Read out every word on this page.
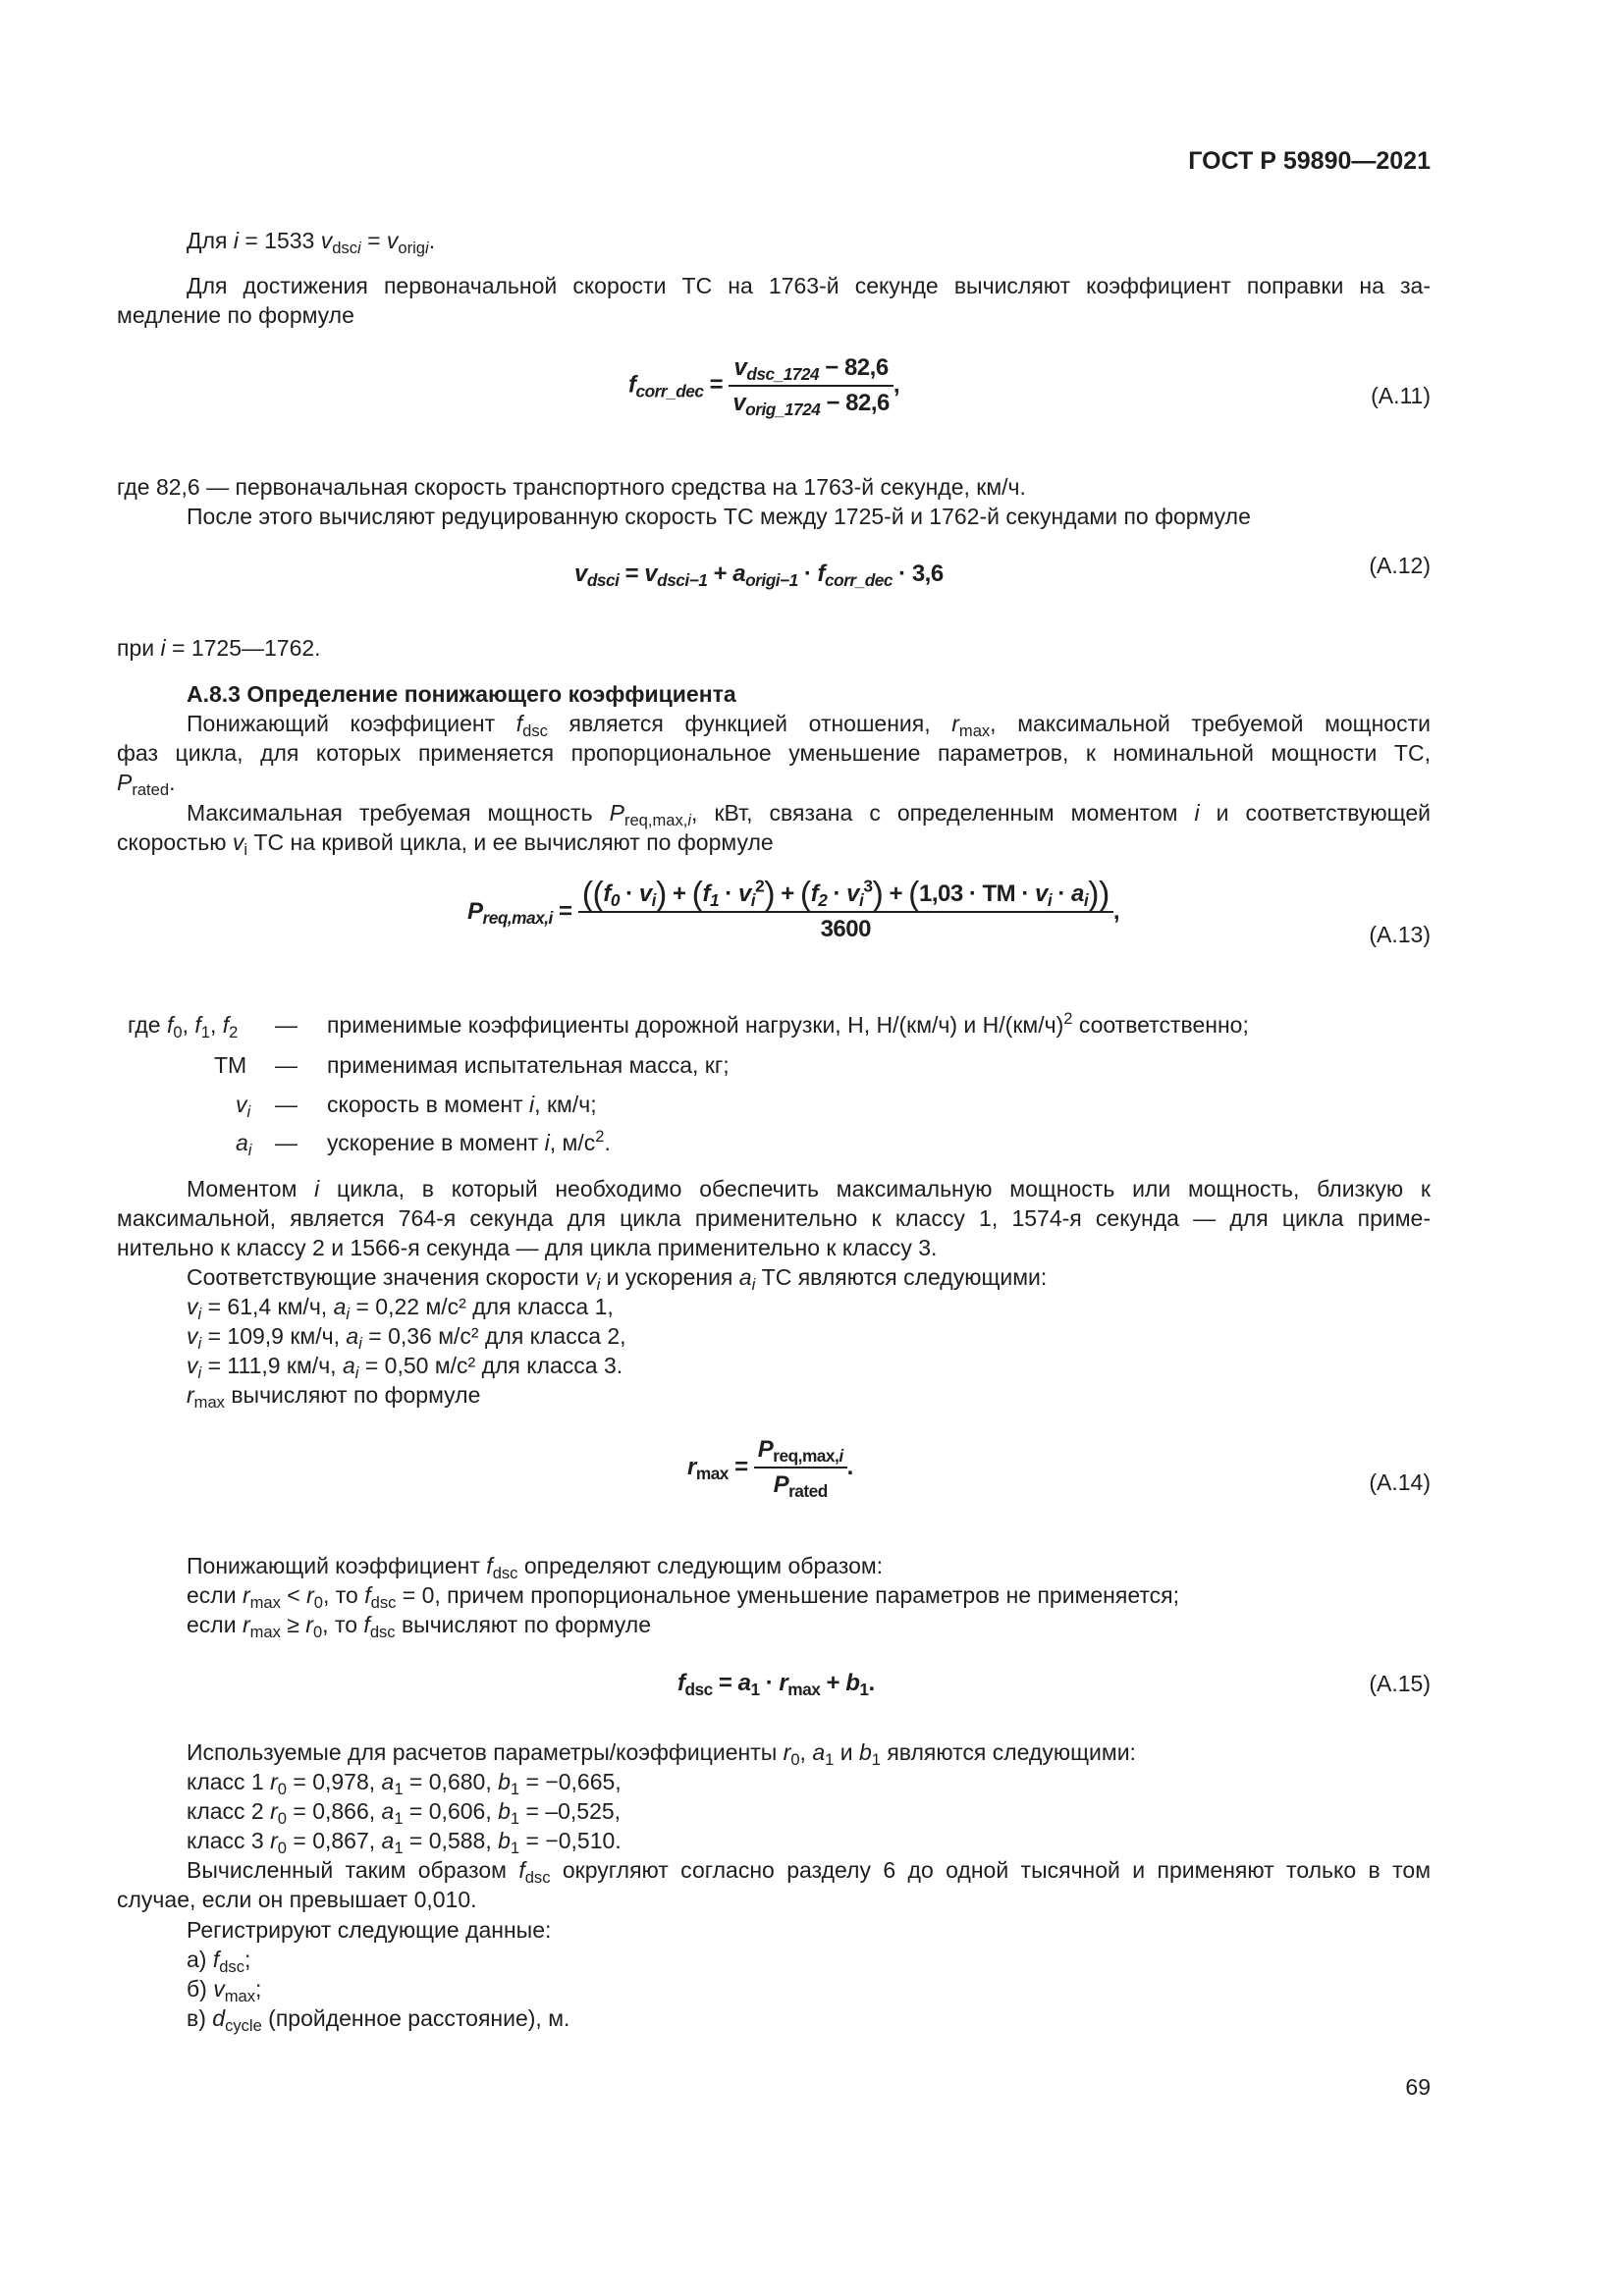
ГОСТ Р 59890—2021
Для i = 1533 $v_{dsci} = v_{origi}$.
Для достижения первоначальной скорости ТС на 1763-й секунде вычисляют коэффициент поправки на за-
медление по формуле
$f_{corr\_dec} = \frac{v_{dsc\_1724} - 82,6}{v_{orig\_1724} - 82,6}$ ,	(A.11)
где 82,6 — первоначальная скорость транспортного средства на 1763-й секунде, км/ч.
После этого вычисляют редуцированную скорость ТС между 1725-й и 1762-й секундами по формуле
$v_{dsci} = v_{dsci-1} + a_{origi-1} \cdot f_{corr\_dec} \cdot 3,6$	(A.12)
при i = 1725—1762.
А.8.3 Определение понижающего коэффициента
Понижающий коэффициент $f_{dsc}$ является функцией отношения, $r_{max}$, максимальной требуемой мощности
фаз цикла, для которых применяется пропорциональное уменьшение параметров, к номинальной мощности ТС,
$P_{rated}$.
Максимальная требуемая мощность $P_{req,max,i}$, кВт, связана с определенным моментом i и соответствующей
скоростью $v_i$ ТС на кривой цикла, и ее вычисляют по формуле
$P_{req,max,i} = ((f_0 \cdot v_i) + (f_1 \cdot v_i^2) + (f_2 \cdot v_i^3) + (1,03$ · ТМ · $v_i \cdot a_i$))
3600
,
(A.13)
где $f_0$, $f_1$, $f_2$ — применимые коэффициенты дорожной нагрузки, Н, Н/(км/ч) и $Н/(км/ч)^2$ соответственно;
ТМ — применимая испытательная масса, кг;
$v_i$ — скорость в момент i, км/ч;
$a_i$ — ускорение в момент i, $м/с^2$.
Моментом i цикла, в который необходимо обеспечить максимальную мощность или мощность, близкую к
максимальной, является 764-я секунда для цикла применительно к классу 1, 1574-я секунда — для цикла приме-
нительно к классу 2 и 1566-я секунда — для цикла применительно к классу 3.
Соответствующие значения скорости $v_i$ и ускорения $a_i$ ТС являются следующими:
$v_i = 61,4$ км/ч, $a_i = 0,22$ м/с² для класса 1,
$v_i = 109,9$ км/ч, $a_i = 0,36$ м/с² для класса 2,
$v_i = 111,9$ км/ч, $a_i = 0,50$ м/с² для класса 3.
$r_{max}$ вычисляют по формуле
$r_{max} = \frac{P_{req,max,i}}{P_{rated}}$ .
(A.14)
Понижающий коэффициент $f_{dsc}$ определяют следующим образом:
если $r_{max} < r_0$, то $f_{dsc} = 0$, причем пропорциональное уменьшение параметров не применяется;
если $r_{max} \ge r_0$, то $f_{dsc}$ вычисляют по формуле
$f_{dsc} = a_1 \cdot r_{max} + b_1$.	(A.15)
Используемые для расчетов параметры/коэффициенты $r_0$, $a_1$ и $b_1$ являются следующими:
класс 1 $r_0 = 0,978$, $a_1 = 0,680$, $b_1 = -0,665$,
класс 2 $r_0 = 0,866$, $a_1 = 0,606$, $b_1 = -0,525$,
класс 3 $r_0 = 0,867$, $a_1 = 0,588$, $b_1 = -0,510$.
Вычисленный таким образом $f_{dsc}$ округляют согласно разделу 6 до одной тысячной и применяют только в том
случае, если он превышает 0,010.
Регистрируют следующие данные:
а) $f_{dsc}$;
б) $v_{max}$;
в) $d_{cycle}$ (пройденное расстояние), м.
69
